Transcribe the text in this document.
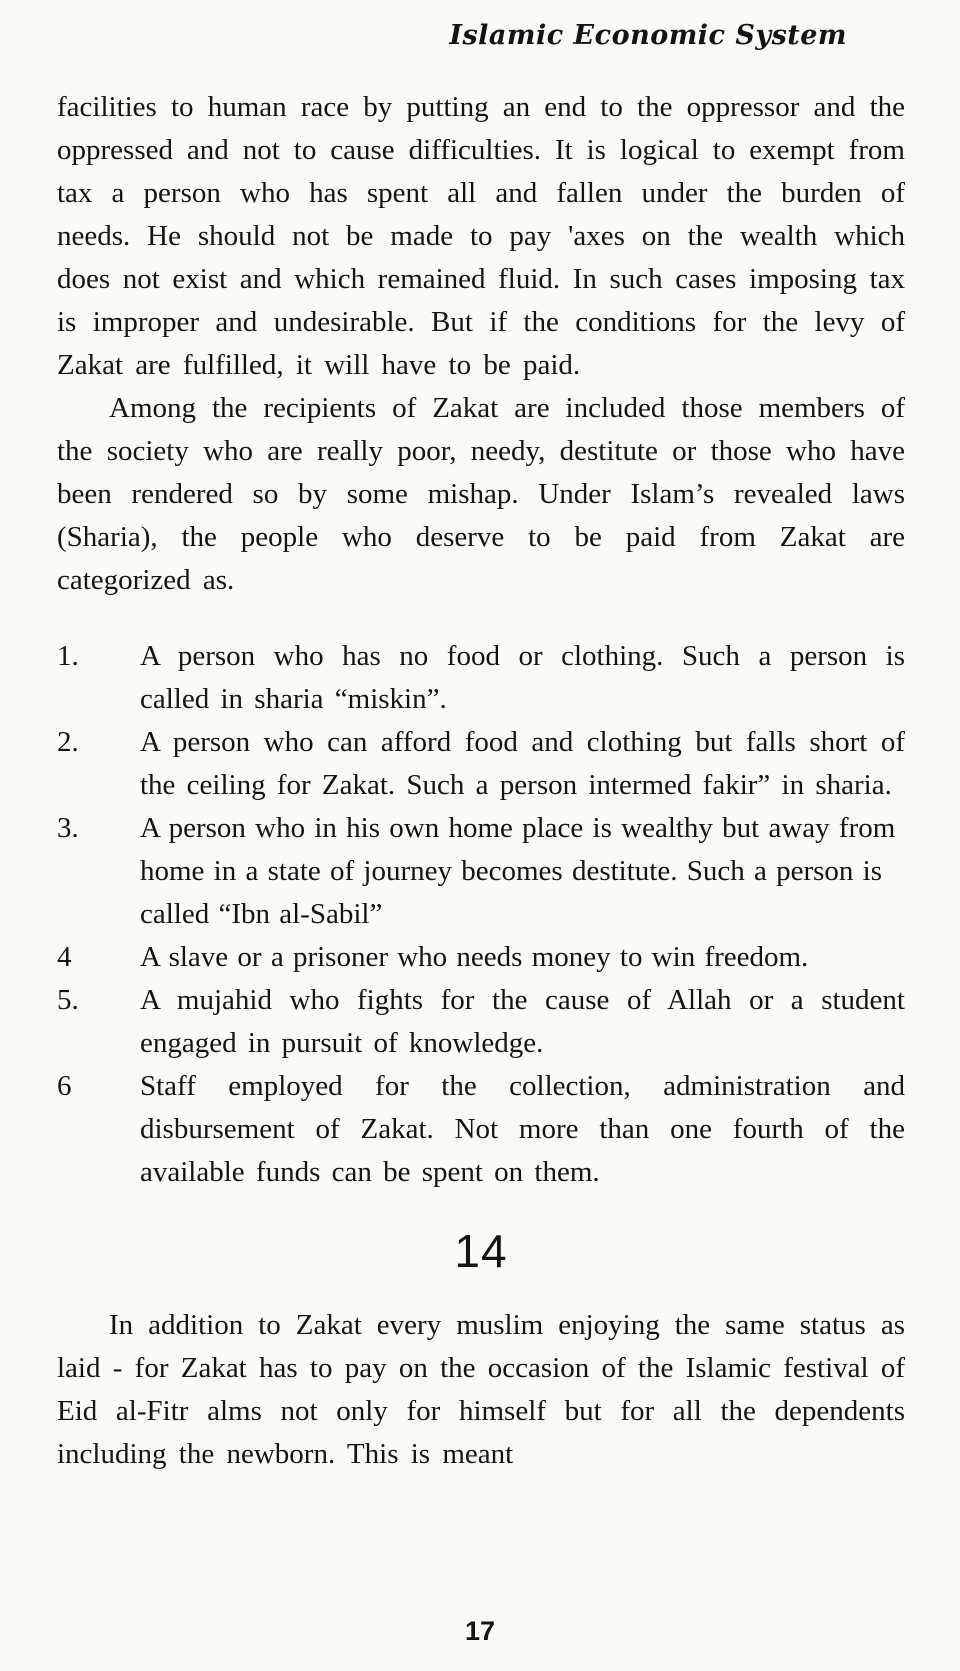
Islamic Economic System

facilities to human race by putting an end to the oppressor and the oppressed and not to cause difficulties. It is logical to exempt from tax a person who has spent all and fallen under the burden of needs. He should not be made to pay 'axes on the wealth which does not exist and which remained fluid. In such cases imposing tax is improper and undesirable. But if the conditions for the levy of Zakat are fulfilled, it will have to be paid.

Among the recipients of Zakat are included those members of the society who are really poor, needy, destitute or those who have been rendered so by some mishap. Under Islam’s revealed laws (Sharia), the people who deserve to be paid from Zakat are categorized as.

1.	A person who has no food or clothing. Such a person is called in sharia “miskin”.
2.	A person who can afford food and clothing but falls short of the ceiling for Zakat. Such a person intermed fakir” in sharia.
3.	A person who in his own home place is wealthy but away from home in a state of journey becomes destitute. Such a person is called “Ibn al-Sabil”
4	A slave or a prisoner who needs money to win freedom.
5.	A mujahid who fights for the cause of Allah or a student engaged in pursuit of knowledge.
6	Staff employed for the collection, administration and disbursement of Zakat. Not more than one fourth of the available funds can be spent on them.
14

In addition to Zakat every muslim enjoying the same status as laid - for Zakat has to pay on the occasion of the Islamic festival of Eid al-Fitr alms not only for himself but for all the dependents including the newborn. This is meant

17
